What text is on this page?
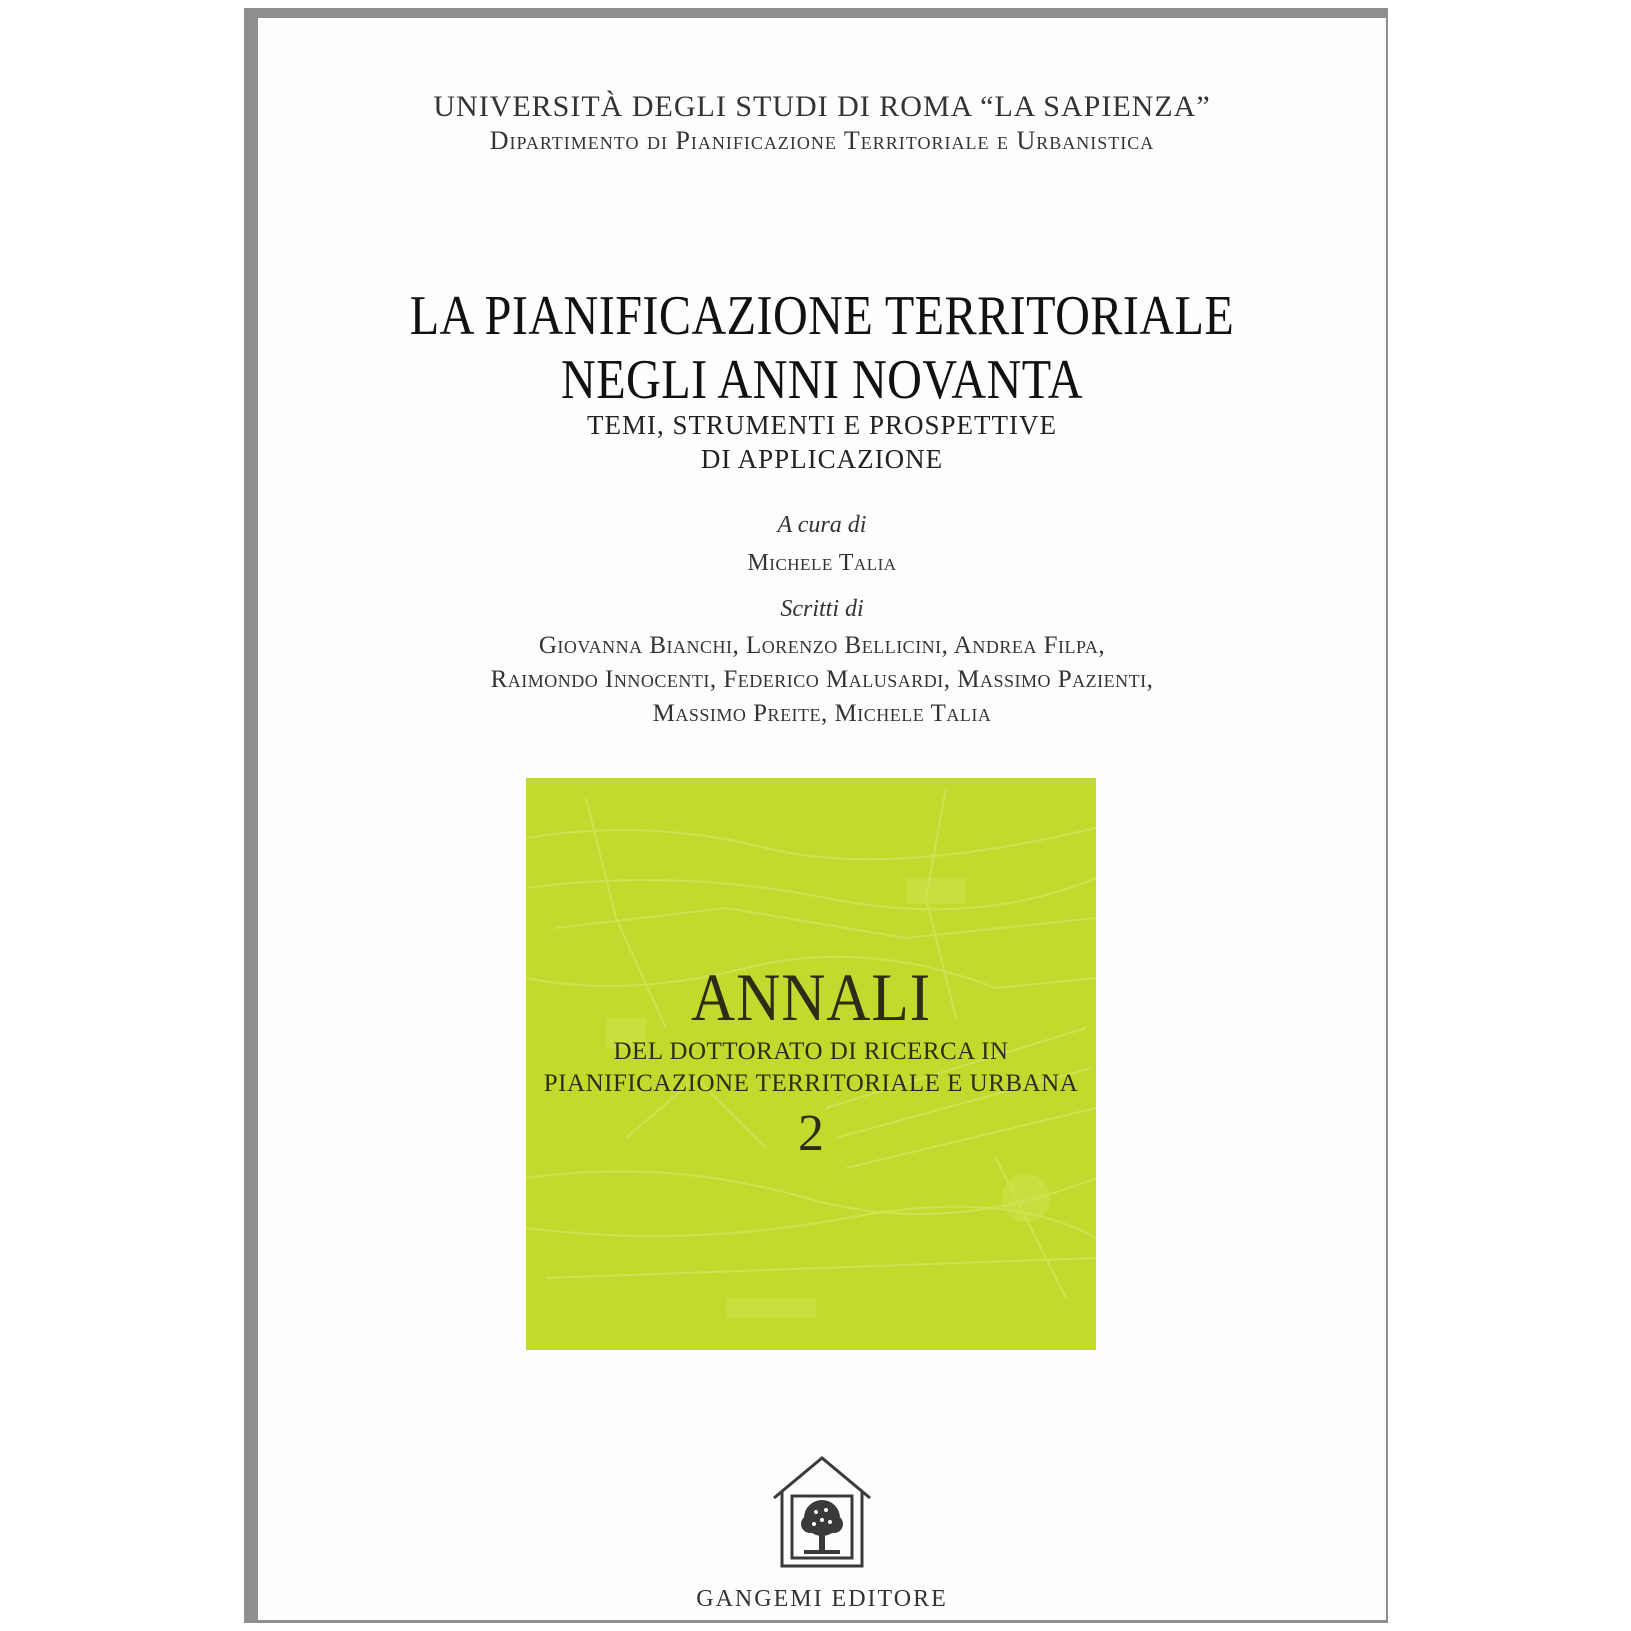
UNIVERSITÀ DEGLI STUDI DI ROMA “LA SAPIENZA”
Dipartimento di Pianificazione Territoriale e Urbanistica
LA PIANIFICAZIONE TERRITORIALE
NEGLI ANNI NOVANTA
TEMI, STRUMENTI E PROSPETTIVE
DI APPLICAZIONE
A cura di
Michele Talia
Scritti di
Giovanna Bianchi, Lorenzo Bellicini, Andrea Filpa,
Raimondo Innocenti, Federico Malusardi, Massimo Pazienti,
Massimo Preite, Michele Talia
ANNALI
DEL DOTTORATO DI RICERCA IN
PIANIFICAZIONE TERRITORIALE E URBANA
2
GANGEMI EDITORE
